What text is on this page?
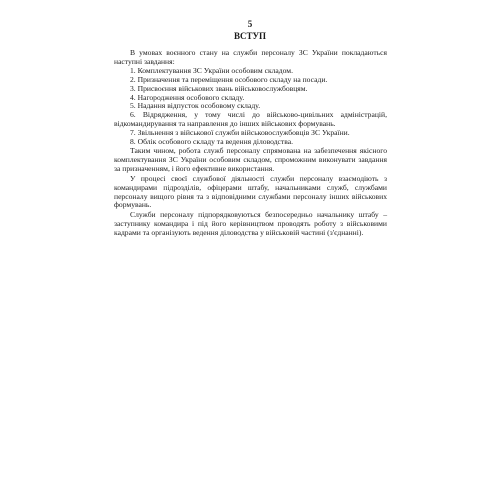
5
ВСТУП

В умовах воєнного стану на служби персоналу ЗС України покладаються наступні завдання:

1. Комплектування ЗС України особовим складом.

2. Призначення та переміщення особового складу на посади.

3. Присвоєння військових звань військовослужбовцям.

4. Нагородження особового складу.

5. Надання відпусток особовому складу.

6. Відрядження, у тому числі до військово-цивільних адміністрацій, відкомандирування та направлення до інших військових формувань.

7. Звільнення з військової служби військовослужбовців ЗС України.

8. Облік особового складу та ведення діловодства.

Таким чином, робота служб персоналу спрямована на забезпечення якісного комплектування ЗС України особовим складом, спроможним виконувати завдання за призначенням, і його ефективне використання.

У процесі своєї службової діяльності служби персоналу взаємодіють з командирами підрозділів, офіцерами штабу, начальниками служб, службами персоналу вищого рівня та з відповідними службами персоналу інших військових формувань.

Служби персоналу підпорядковуються безпосередньо начальнику штабу – заступнику командира і під його керівництвом проводять роботу з військовими кадрами та організують ведення діловодства у військовій частині (з'єднанні).
